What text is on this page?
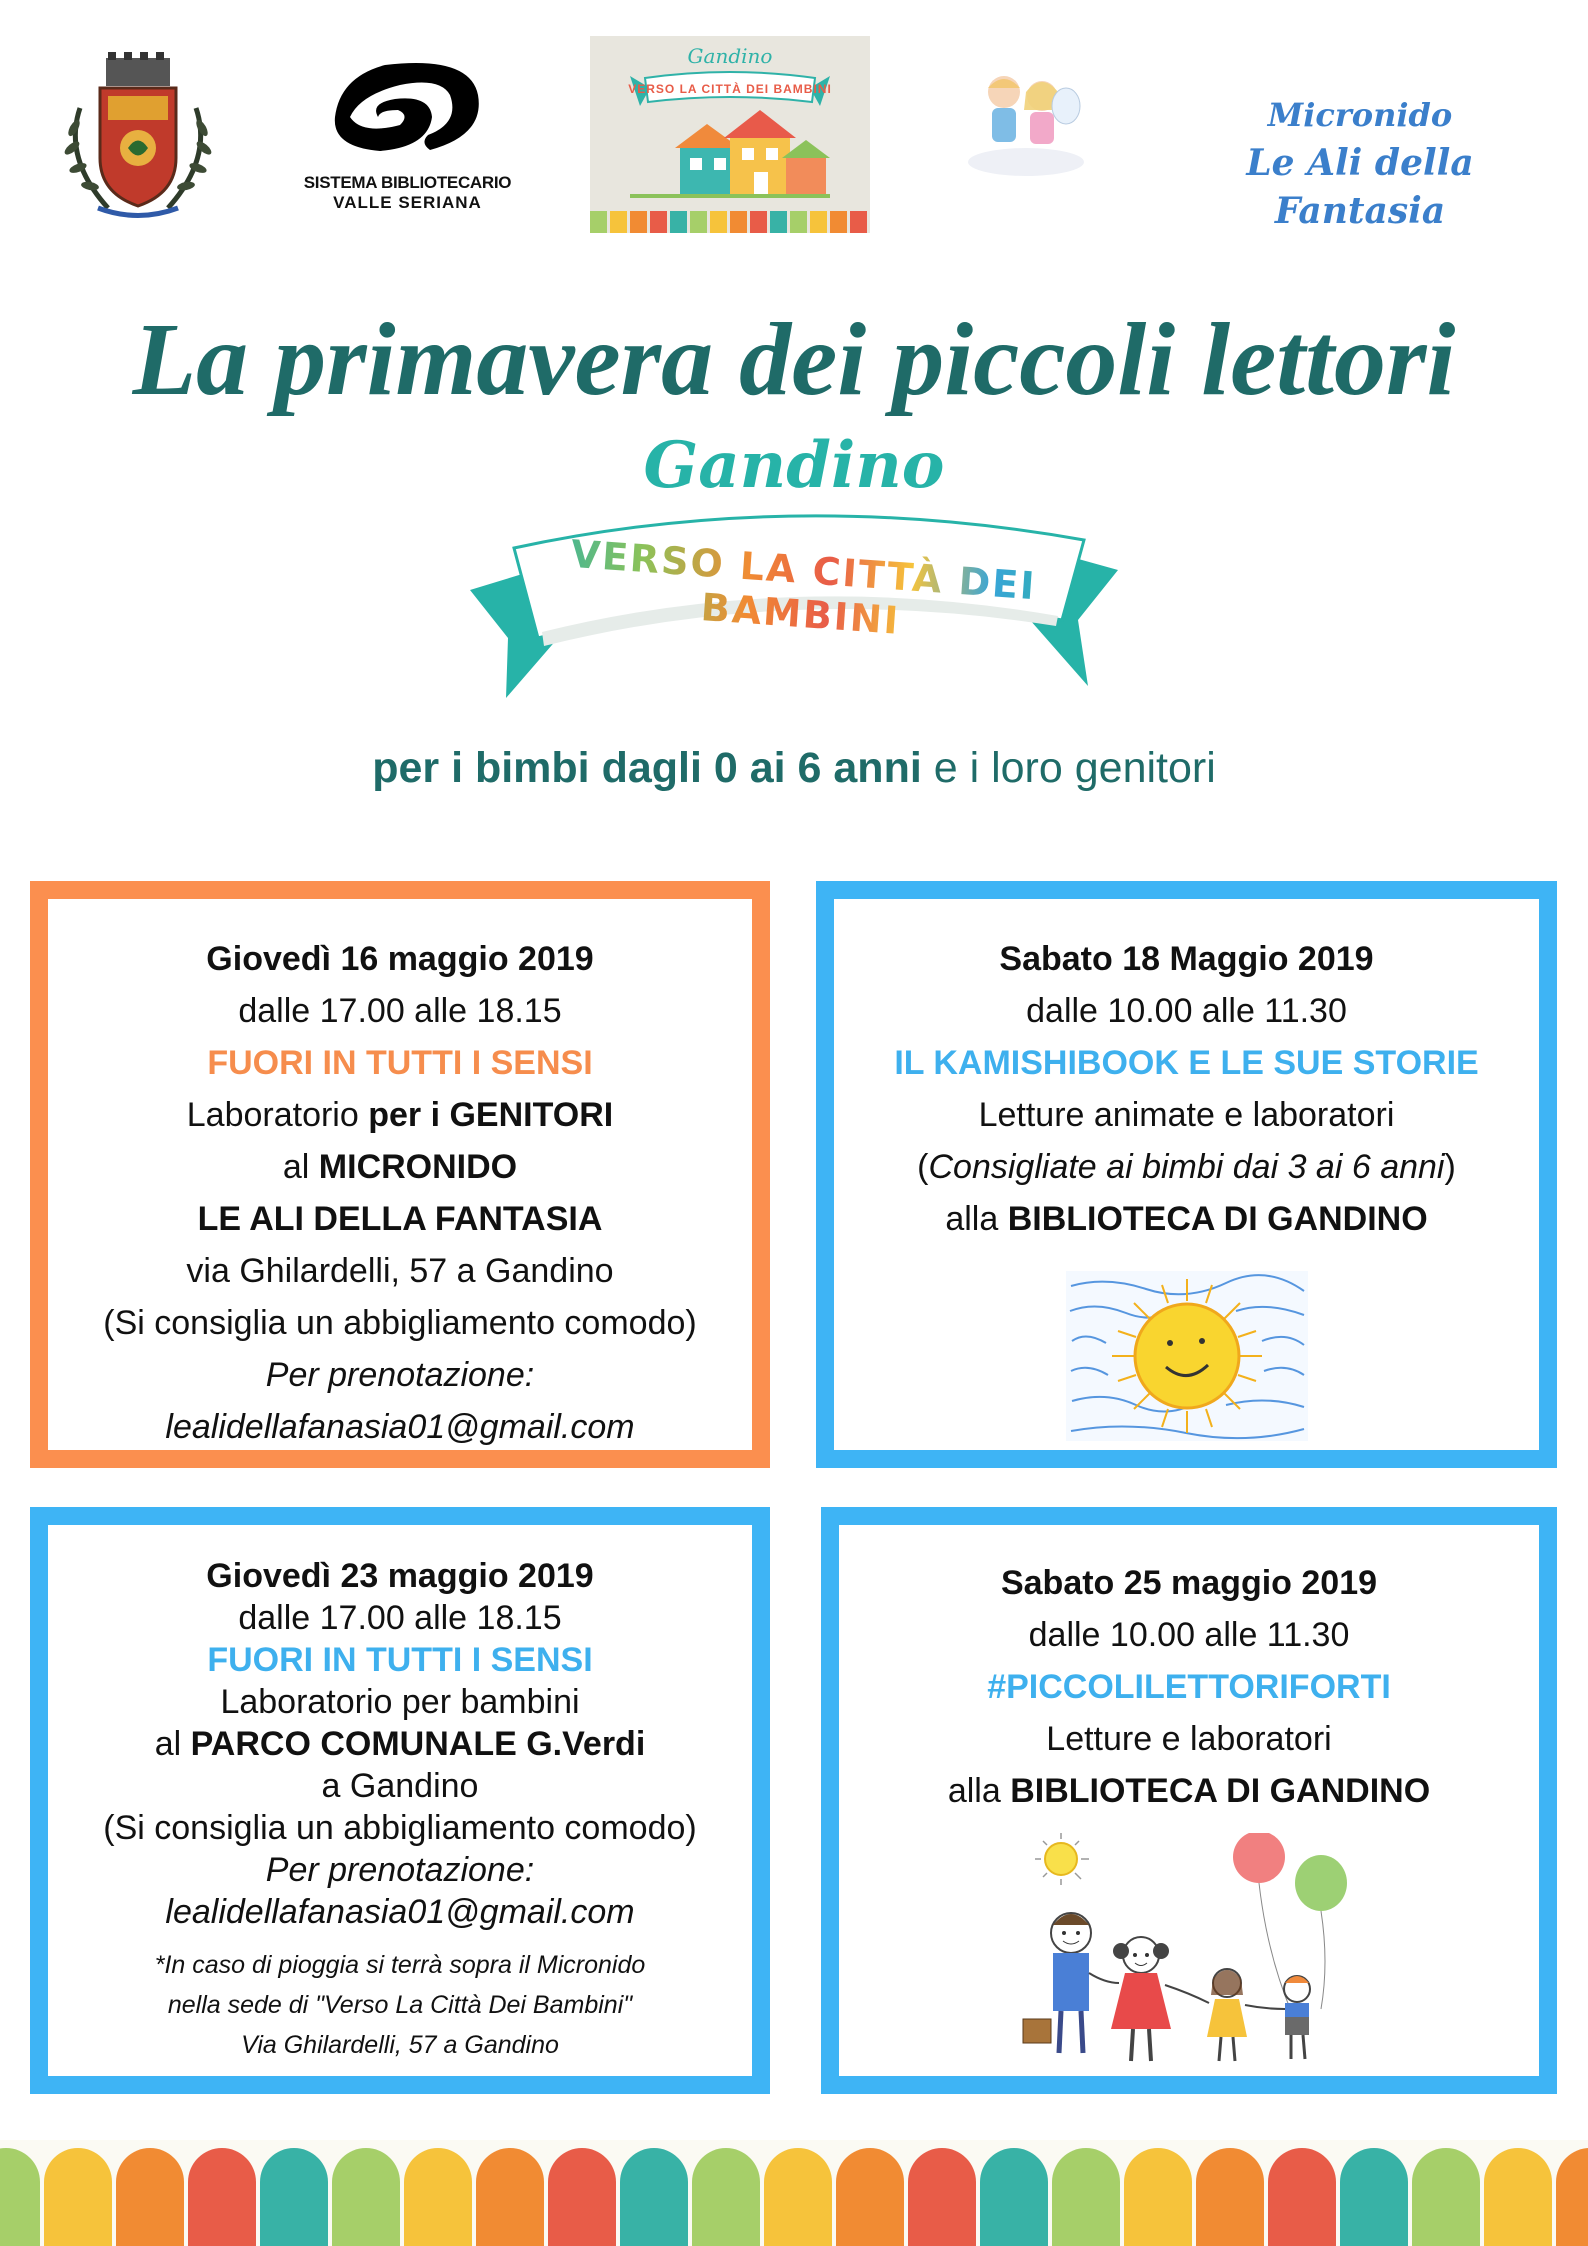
SISTEMA BIBLIOTECARIO
VALLE SERIANA
Gandino
VERSO LA CITTÀ DEI BAMBINI
Micronido
Le Ali della Fantasia
La primavera dei piccoli lettori
Gandino
VERSO LA CITTÀ DEI BAMBINI
per i bimbi dagli 0 ai 6 anni e i loro genitori
Giovedì 16 maggio 2019
dalle 17.00 alle 18.15
FUORI IN TUTTI I SENSI
Laboratorio per i GENITORI
al MICRONIDO
LE ALI DELLA FANTASIA
via Ghilardelli, 57 a Gandino
(Si consiglia un abbigliamento comodo)
Per prenotazione:
lealidellafanasia01@gmail.com
Sabato 18 Maggio 2019
dalle 10.00 alle 11.30
IL KAMISHIBOOK E LE SUE STORIE
Letture animate e laboratori
(Consigliate ai bimbi dai 3 ai 6 anni)
alla BIBLIOTECA DI GANDINO
Giovedì 23 maggio 2019
dalle 17.00 alle 18.15
FUORI IN TUTTI I SENSI
Laboratorio per bambini
al PARCO COMUNALE G.Verdi
a Gandino
(Si consiglia un abbigliamento comodo)
Per prenotazione:
lealidellafanasia01@gmail.com
*In caso di pioggia si terrà sopra il Micronido
nella sede di "Verso La Città Dei Bambini"
Via Ghilardelli, 57 a Gandino
Sabato 25 maggio 2019
dalle 10.00 alle 11.30
#PICCOLILETTORIFORTI
Letture e laboratori
alla BIBLIOTECA DI GANDINO
